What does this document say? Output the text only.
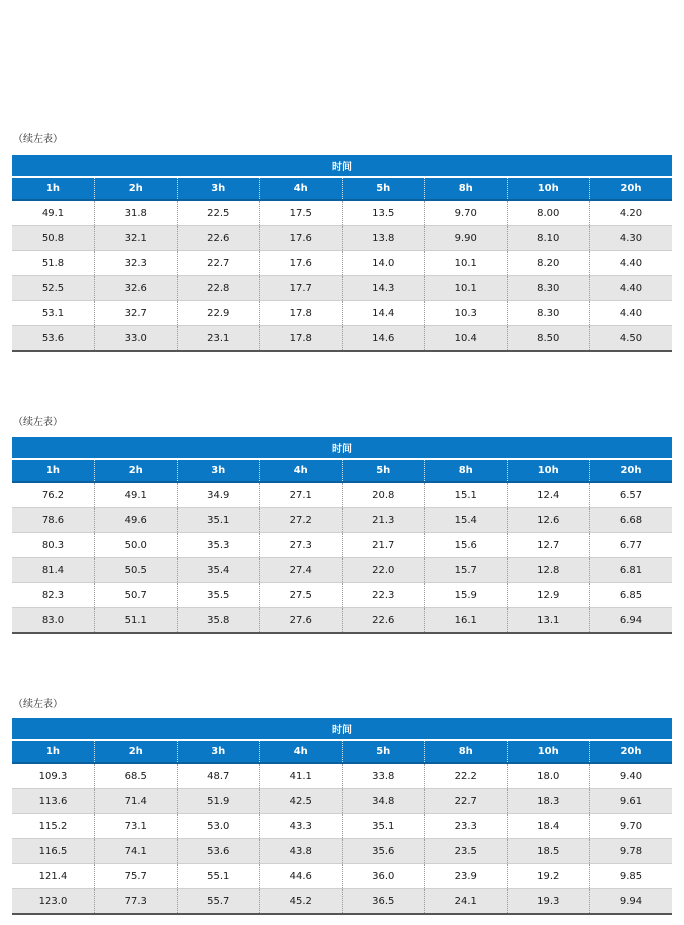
（续左表）
时间							
1h	2h	3h	4h	5h	8h	10h	20h
49.1	31.8	22.5	17.5	13.5	9.70	8.00	4.20
50.8	32.1	22.6	17.6	13.8	9.90	8.10	4.30
51.8	32.3	22.7	17.6	14.0	10.1	8.20	4.40
52.5	32.6	22.8	17.7	14.3	10.1	8.30	4.40
53.1	32.7	22.9	17.8	14.4	10.3	8.30	4.40
53.6	33.0	23.1	17.8	14.6	10.4	8.50	4.50
（续左表）
时间							
1h	2h	3h	4h	5h	8h	10h	20h
76.2	49.1	34.9	27.1	20.8	15.1	12.4	6.57
78.6	49.6	35.1	27.2	21.3	15.4	12.6	6.68
80.3	50.0	35.3	27.3	21.7	15.6	12.7	6.77
81.4	50.5	35.4	27.4	22.0	15.7	12.8	6.81
82.3	50.7	35.5	27.5	22.3	15.9	12.9	6.85
83.0	51.1	35.8	27.6	22.6	16.1	13.1	6.94
（续左表）
时间							
1h	2h	3h	4h	5h	8h	10h	20h
109.3	68.5	48.7	41.1	33.8	22.2	18.0	9.40
113.6	71.4	51.9	42.5	34.8	22.7	18.3	9.61
115.2	73.1	53.0	43.3	35.1	23.3	18.4	9.70
116.5	74.1	53.6	43.8	35.6	23.5	18.5	9.78
121.4	75.7	55.1	44.6	36.0	23.9	19.2	9.85
123.0	77.3	55.7	45.2	36.5	24.1	19.3	9.94
